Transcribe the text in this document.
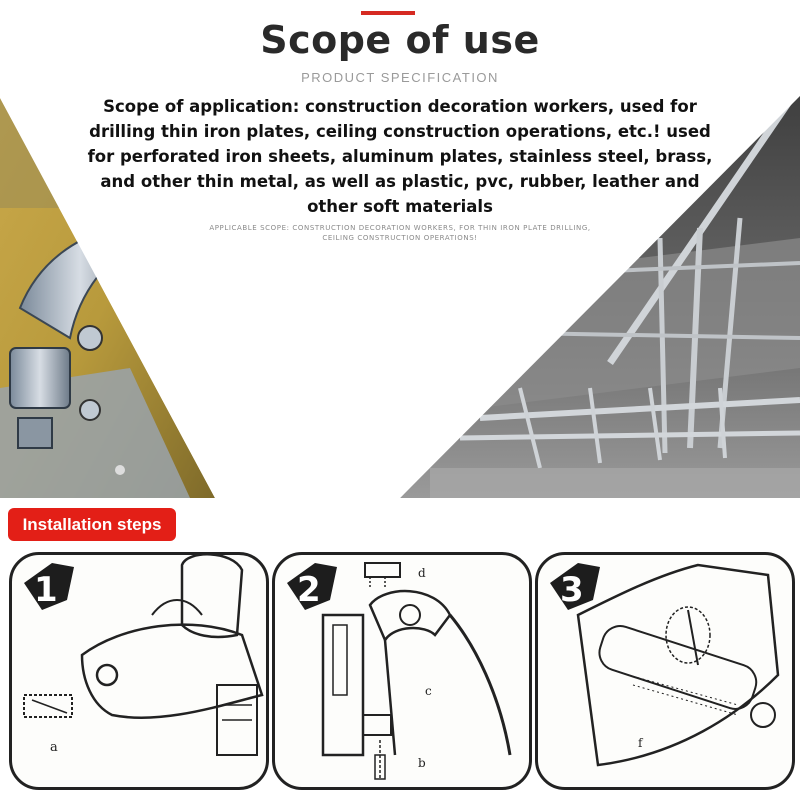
Scope of use
PRODUCT SPECIFICATION
Scope of application: construction decoration workers, used for drilling thin iron plates, ceiling construction operations, etc.! used for perforated iron sheets, aluminum plates, stainless steel, brass, and other thin metal, as well as plastic, pvc, rubber, leather and other soft materials
APPLICABLE SCOPE: CONSTRUCTION DECORATION WORKERS, FOR THIN IRON PLATE DRILLING,
CEILING CONSTRUCTION OPERATIONS!
Installation steps
1
a
2	d
c
b
3
f
